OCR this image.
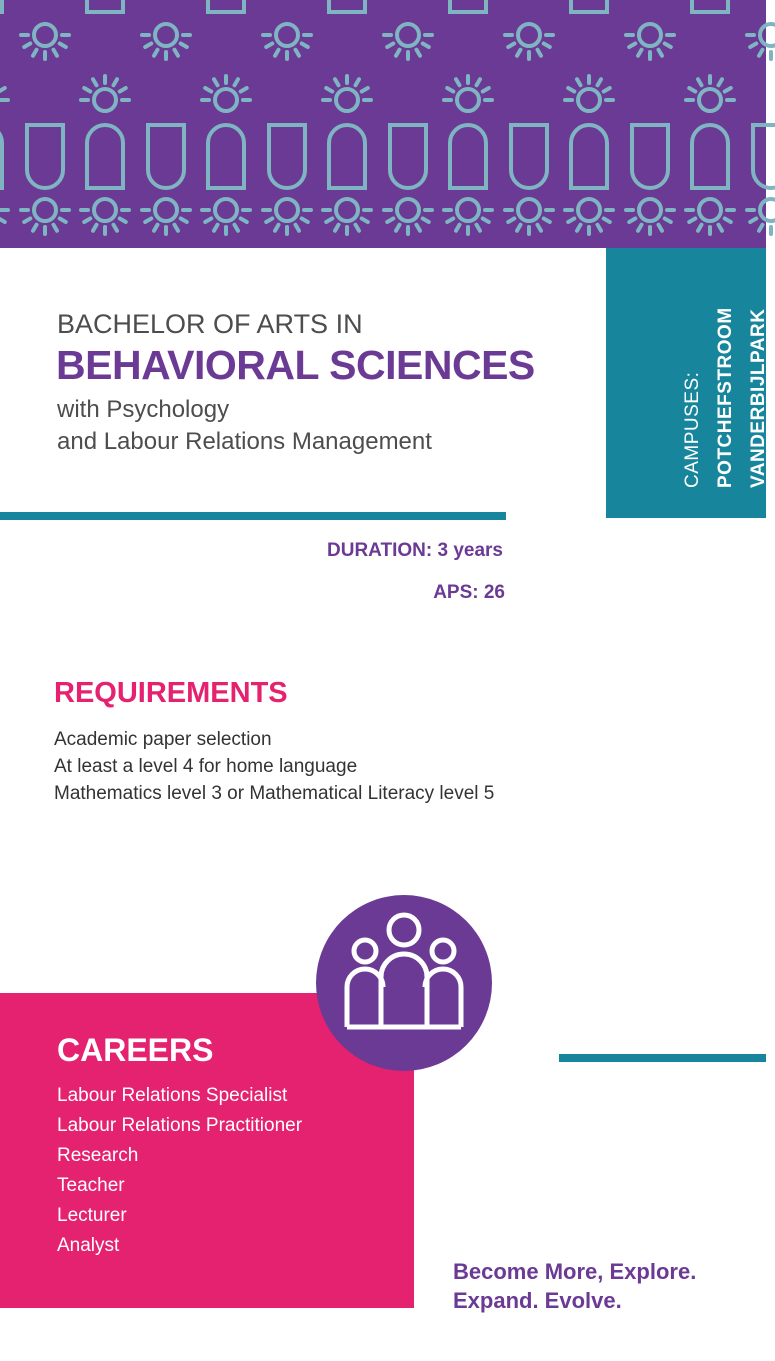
CAMPUSES: POTCHEFSTROOM VANDERBIJLPARK
BACHELOR OF ARTS IN
BEHAVIORAL SCIENCES
with Psychology
and Labour Relations Management
DURATION: 3 years
APS: 26
REQUIREMENTS
Academic paper selection
At least a level 4 for home language
Mathematics level 3 or Mathematical Literacy level 5
CAREERS
Labour Relations Specialist
Labour Relations Practitioner
Research
Teacher
Lecturer
Analyst
Become More, Explore.
Expand. Evolve.
